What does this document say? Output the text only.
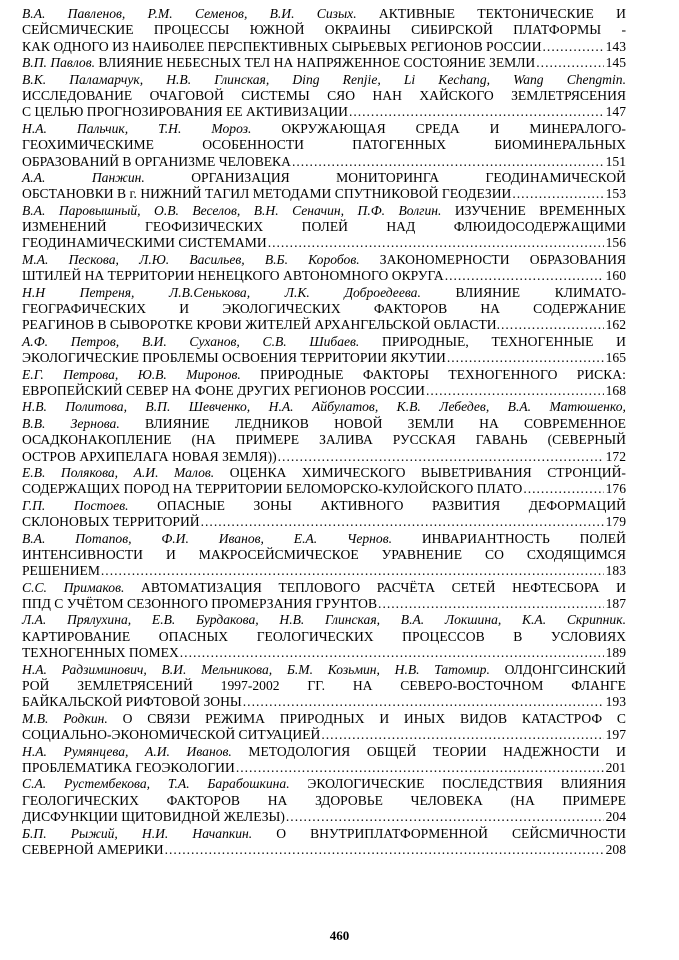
В.А. Павленов, Р.М. Семенов, В.И. Сизых. АКТИВНЫЕ ТЕКТОНИЧЕСКИЕ И
СЕЙСМИЧЕСКИЕ ПРОЦЕССЫ ЮЖНОЙ ОКРАИНЫ СИБИРСКОЙ ПЛАТФОРМЫ -
КАК ОДНОГО ИЗ НАИБОЛЕЕ ПЕРСПЕКТИВНЫХ СЫРЬЕВЫХ РЕГИОНОВ РОССИИ .....	143
В.П. Павлов. ВЛИЯНИЕ НЕБЕСНЫХ ТЕЛ НА НАПРЯЖЕННОЕ СОСТОЯНИЕ ЗЕМЛИ .....	145
В.К. Паламарчук, Н.В. Глинская, Ding Renjie, Li Kechang, Wang Chengmin.
ИССЛЕДОВАНИЕ ОЧАГОВОЙ СИСТЕМЫ СЯО НАН ХАЙСКОГО ЗЕМЛЕТРЯСЕНИЯ
С ЦЕЛЬЮ ПРОГНОЗИРОВАНИЯ ЕЕ АКТИВИЗАЦИИ .....	147
Н.А. Пальчик, Т.Н. Мороз. ОКРУЖАЮЩАЯ СРЕДА И МИНЕРАЛОГО-
ГЕОХИМИЧЕСКИМЕ	ОСОБЕННОСТИ	ПАТОГЕННЫХ	БИОМИНЕРАЛЬНЫХ
ОБРАЗОВАНИЙ В ОРГАНИЗМЕ ЧЕЛОВЕКА .....	151
А.А.	Панжин.	ОРГАНИЗАЦИЯ	МОНИТОРИНГА	ГЕОДИНАМИЧЕСКОЙ
ОБСТАНОВКИ В г. НИЖНИЙ ТАГИЛ МЕТОДАМИ СПУТНИКОВОЙ ГЕОДЕЗИИ .....	153
В.А. Паровышный, О.В. Веселов, В.Н. Сеначин, П.Ф. Волгин. ИЗУЧЕНИЕ ВРЕМЕННЫХ
ИЗМЕНЕНИЙ	ГЕОФИЗИЧЕСКИХ	ПОЛЕЙ	НАД	ФЛЮИДОСОДЕРЖАЩИМИ
ГЕОДИНАМИЧЕСКИМИ СИСТЕМАМИ .....	156
М.А. Пескова, Л.Ю. Васильев, В.Б. Коробов. ЗАКОНОМЕРНОСТИ ОБРАЗОВАНИЯ
ШТИЛЕЙ НА ТЕРРИТОРИИ НЕНЕЦКОГО АВТОНОМНОГО ОКРУГА .....	160
Н.Н	Петреня,	Л.В.Сенькова,	Л.К.	Доброедеева.	ВЛИЯНИЕ	КЛИМАТО-
ГЕОГРАФИЧЕСКИХ И ЭКОЛОГИЧЕСКИХ ФАКТОРОВ НА СОДЕРЖАНИЕ
РЕАГИНОВ В СЫВОРОТКЕ КРОВИ ЖИТЕЛЕЙ АРХАНГЕЛЬСКОЙ ОБЛАСТИ. .....	162
А.Ф. Петров, В.И. Суханов, С.В. Шибаев. ПРИРОДНЫЕ, ТЕХНОГЕННЫЕ И
ЭКОЛОГИЧЕСКИЕ ПРОБЛЕМЫ ОСВОЕНИЯ ТЕРРИТОРИИ ЯКУТИИ .....	165
Е.Г. Петрова, Ю.В. Миронов. ПРИРОДНЫЕ ФАКТОРЫ ТЕХНОГЕННОГО РИСКА:
ЕВРОПЕЙСКИЙ СЕВЕР НА ФОНЕ ДРУГИХ РЕГИОНОВ РОССИИ .....	168
Н.В. Политова, В.П. Шевченко, Н.А. Айбулатов, К.В. Лебедев, В.А. Матюшенко,
В.В. Зернова. ВЛИЯНИЕ ЛЕДНИКОВ НОВОЙ ЗЕМЛИ НА СОВРЕМЕННОЕ
ОСАДКОНАКОПЛЕНИЕ (НА ПРИМЕРЕ ЗАЛИВА РУССКАЯ ГАВАНЬ (СЕВЕРНЫЙ
ОСТРОВ АРХИПЕЛАГА НОВАЯ ЗЕМЛЯ)) .....	172
Е.В. Полякова, А.И. Малов. ОЦЕНКА ХИМИЧЕСКОГО ВЫВЕТРИВАНИЯ СТРОНЦИЙ-
СОДЕРЖАЩИХ ПОРОД НА ТЕРРИТОРИИ БЕЛОМОРСКО-КУЛОЙСКОГО ПЛАТО .....	176
Г.П. Постоев. ОПАСНЫЕ ЗОНЫ АКТИВНОГО РАЗВИТИЯ ДЕФОРМАЦИЙ
СКЛОНОВЫХ ТЕРРИТОРИЙ .....	179
В.А. Потапов, Ф.И. Иванов, Е.А. Чернов. ИНВАРИАНТНОСТЬ ПОЛЕЙ
ИНТЕНСИВНОСТИ И МАКРОСЕЙСМИЧЕСКОЕ УРАВНЕНИЕ СО СХОДЯЩИМСЯ
РЕШЕНИЕМ .....	183
С.С. Примаков. АВТОМАТИЗАЦИЯ ТЕПЛОВОГО РАСЧЁТА СЕТЕЙ НЕФТЕСБОРА И
ППД С УЧЁТОМ СЕЗОННОГО ПРОМЕРЗАНИЯ ГРУНТОВ .....	187
Л.А. Прялухина, Е.В. Бурдакова, Н.В. Глинская, В.А. Локшина, К.А. Скрипник.
КАРТИРОВАНИЕ ОПАСНЫХ ГЕОЛОГИЧЕСКИХ ПРОЦЕССОВ В УСЛОВИЯХ
ТЕХНОГЕННЫХ ПОМЕХ .....	189
Н.А. Радзиминович, В.И. Мельникова, Б.М. Козьмин, Н.В. Татомир. ОЛДОНГСИНСКИЙ
РОЙ ЗЕМЛЕТРЯСЕНИЙ 1997-2002 ГГ. НА СЕВЕРО-ВОСТОЧНОМ ФЛАНГЕ
БАЙКАЛЬСКОЙ РИФТОВОЙ ЗОНЫ .....	193
М.В. Родкин. О СВЯЗИ РЕЖИМА ПРИРОДНЫХ И ИНЫХ ВИДОВ КАТАСТРОФ С
СОЦИАЛЬНО-ЭКОНОМИЧЕСКОЙ СИТУАЦИЕЙ .....	197
Н.А. Румянцева, А.И. Иванов. МЕТОДОЛОГИЯ ОБЩЕЙ ТЕОРИИ НАДЕЖНОСТИ И
ПРОБЛЕМАТИКА ГЕОЭКОЛОГИИ .....	201
С.А. Рустембекова, Т.А. Барабошкина. ЭКОЛОГИЧЕСКИЕ ПОСЛЕДСТВИЯ ВЛИЯНИЯ
ГЕОЛОГИЧЕСКИХ ФАКТОРОВ НА ЗДОРОВЬЕ ЧЕЛОВЕКА (НА ПРИМЕРЕ
ДИСФУНКЦИИ ЩИТОВИДНОЙ ЖЕЛЕЗЫ) .....	204
Б.П. Рыжий, Н.И. Начапкин. О ВНУТРИПЛАТФОРМЕННОЙ СЕЙСМИЧНОСТИ
СЕВЕРНОЙ АМЕРИКИ .....	208
460
